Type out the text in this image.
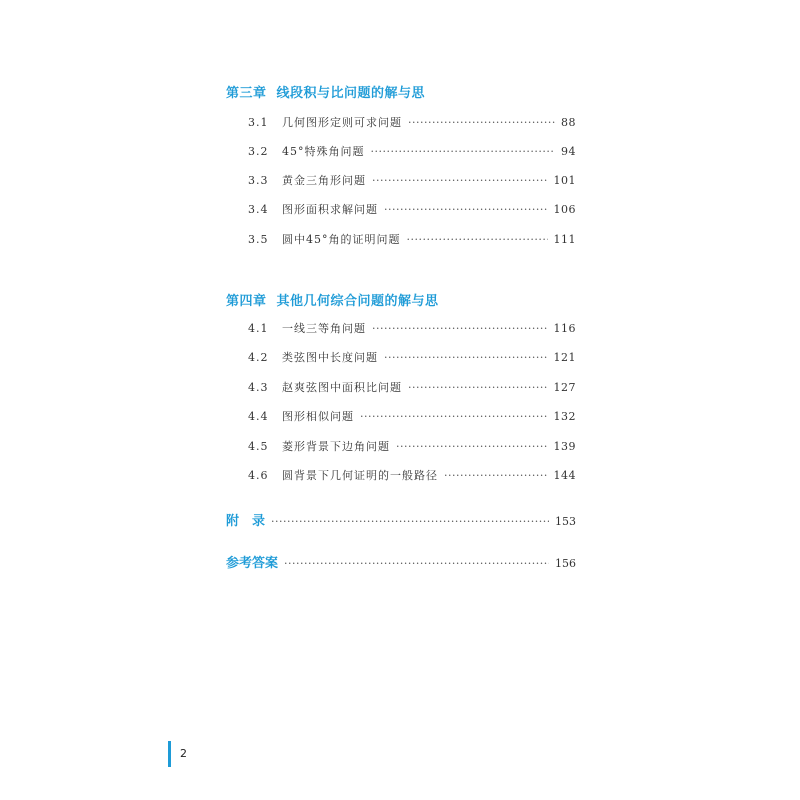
第三章 线段积与比问题的解与思
3.1	几何图形定则可求问题 ·····	88
3.2	45°特殊角问题 ·····	94
3.3	黄金三角形问题 ·····	101
3.4	图形面积求解问题 ·····	106
3.5	圆中45°角的证明问题 ·····	111
第四章 其他几何综合问题的解与思
4.1	一线三等角问题 ·····	116
4.2	类弦图中长度问题 ·····	121
4.3	赵爽弦图中面积比问题 ·····	127
4.4	图形相似问题 ·····	132
4.5	菱形背景下边角问题 ·····	139
4.6	圆背景下几何证明的一般路径 ·····	144
附　录 ·····	153
参考答案 ·····	156
2
